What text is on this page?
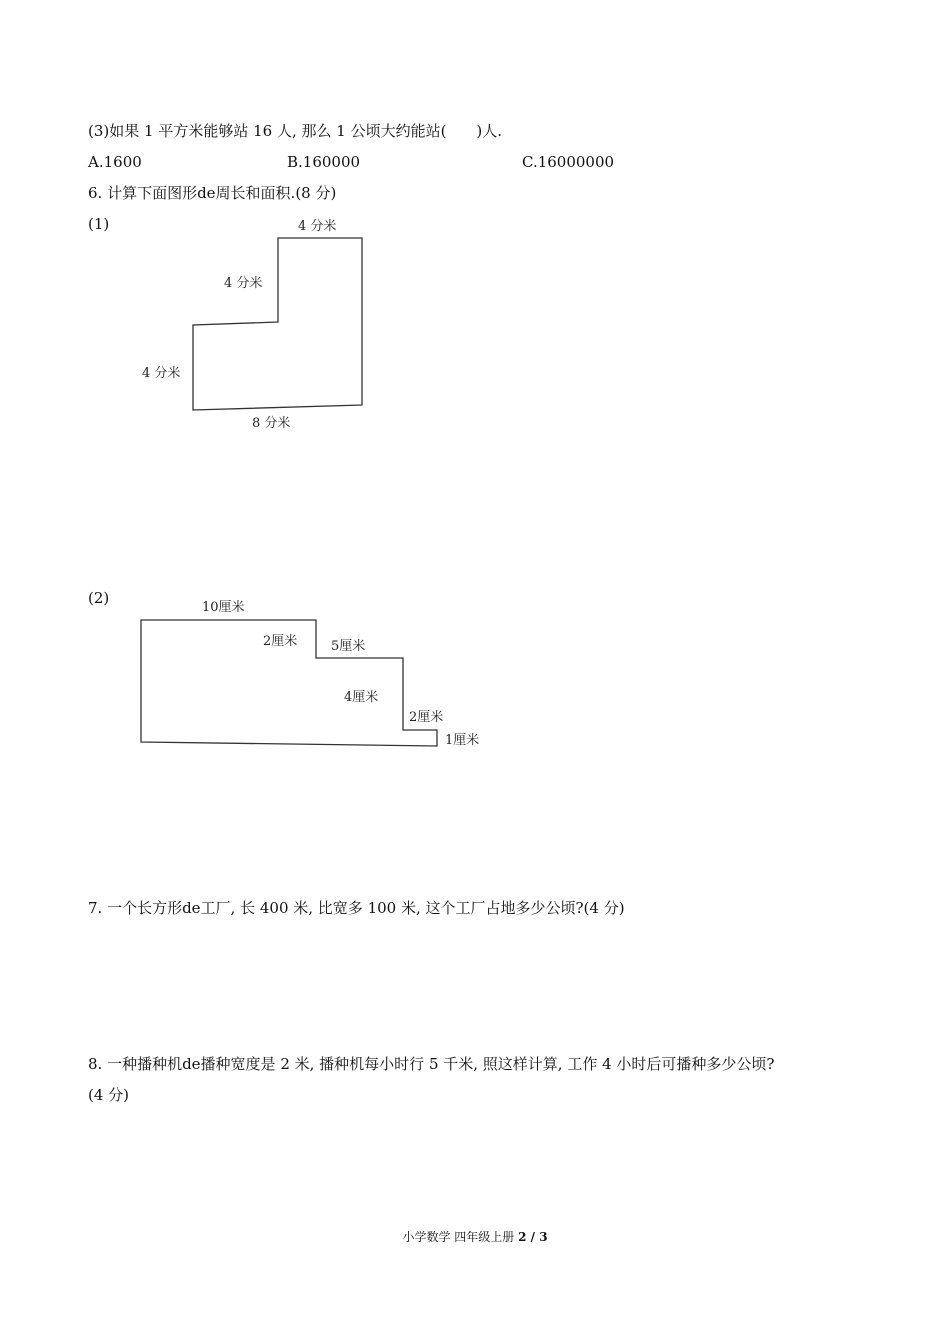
(3)如果 1 平方米能够站 16 人, 那么 1 公顷大约能站(　　)人.
A.1600	B.160000	C.16000000
6. 计算下面图形de周长和面积.(8 分)
(1)	4 分米
4 分米
4 分米
8 分米
10厘米
2厘米	5厘米
4厘米
2厘米
1厘米
(2)
7. 一个长方形de工厂, 长 400 米, 比宽多 100 米, 这个工厂占地多少公顷?(4 分)
8. 一种播种机de播种宽度是 2 米, 播种机每小时行 5 千米, 照这样计算, 工作 4 小时后可播种多少公顷?
(4 分)
小学数学 四年级上册 2 / 3
